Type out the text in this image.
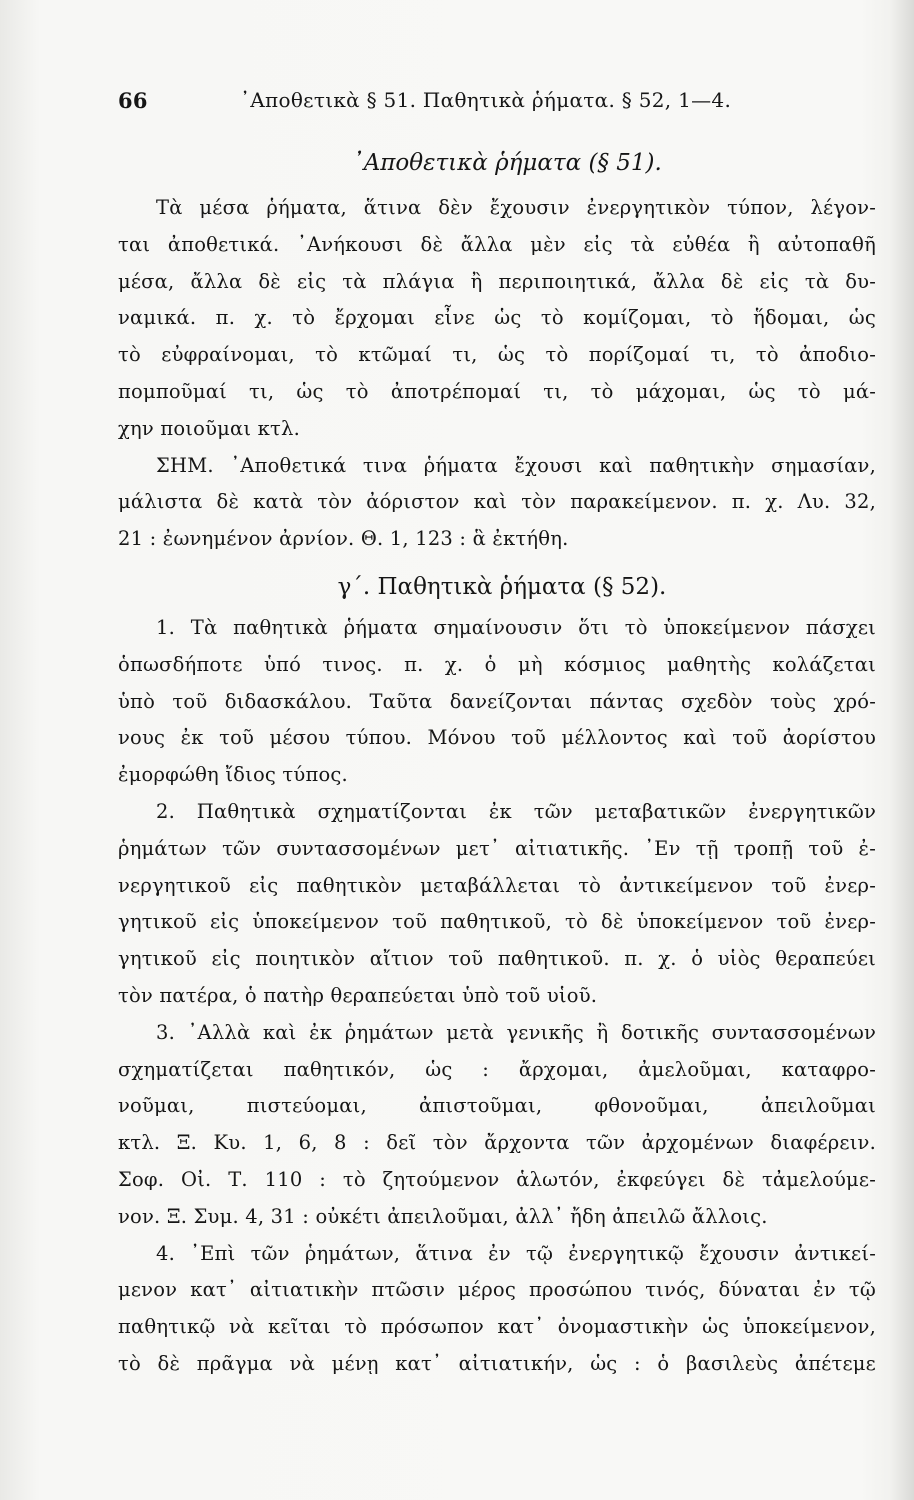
66	᾿Αποθετικὰ § 51. Παθητικὰ ῥήματα. § 52, 1—4.
᾿Αποθετικὰ ῥήματα (§ 51).
Τὰ μέσα ῥήματα, ἅτινα δὲν ἔχουσιν ἐνεργητικὸν τύπον, λέγον-
ται ἀποθετικά. ᾿Ανήκουσι δὲ ἄλλα μὲν εἰς τὰ εὐθέα ἢ αὐτοπαθῆ
μέσα, ἄλλα δὲ εἰς τὰ πλάγια ἢ περιποιητικά, ἄλλα δὲ εἰς τὰ δυ-
ναμικά. π. χ. τὸ ἔρχομαι εἶνε ὡς τὸ κομίζομαι, τὸ ἥδομαι, ὡς
τὸ εὐφραίνομαι, τὸ κτῶμαί τι, ὡς τὸ πορίζομαί τι, τὸ ἀποδιο-
πομποῦμαί τι, ὡς τὸ ἀποτρέπομαί τι, τὸ μάχομαι, ὡς τὸ μά-
χην ποιοῦμαι κτλ.
ΣΗΜ. ᾿Αποθετικά τινα ῥήματα ἔχουσι καὶ παθητικὴν σημασίαν,
μάλιστα δὲ κατὰ τὸν ἀόριστον καὶ τὸν παρακείμενον. π. χ. Λυ. 32,
21 : ἐωνημένον ἀρνίον. Θ. 1, 123 : ἃ ἐκτήθη.
γ΄. Παθητικὰ ῥήματα (§ 52).
1. Τὰ παθητικὰ ῥήματα σημαίνουσιν ὅτι τὸ ὑποκείμενον πάσχει
ὁπωσδήποτε ὑπό τινος. π. χ. ὁ μὴ κόσμιος μαθητὴς κολάζεται
ὑπὸ τοῦ διδασκάλου. Ταῦτα δανείζονται πάντας σχεδὸν τοὺς χρό-
νους ἐκ τοῦ μέσου τύπου. Μόνου τοῦ μέλλοντος καὶ τοῦ ἀορίστου
ἐμορφώθη ἴδιος τύπος.
2. Παθητικὰ σχηματίζονται ἐκ τῶν μεταβατικῶν ἐνεργητικῶν
ῥημάτων τῶν συντασσομένων μετ᾿ αἰτιατικῆς. ᾿Εν τῇ τροπῇ τοῦ ἐ-
νεργητικοῦ εἰς παθητικὸν μεταβάλλεται τὸ ἀντικείμενον τοῦ ἐνερ-
γητικοῦ εἰς ὑποκείμενον τοῦ παθητικοῦ, τὸ δὲ ὑποκείμενον τοῦ ἐνερ-
γητικοῦ εἰς ποιητικὸν αἴτιον τοῦ παθητικοῦ. π. χ. ὁ υἱὸς θεραπεύει
τὸν πατέρα, ὁ πατὴρ θεραπεύεται ὑπὸ τοῦ υἱοῦ.
3. ᾿Αλλὰ καὶ ἐκ ῥημάτων μετὰ γενικῆς ἢ δοτικῆς συντασσομένων
σχηματίζεται παθητικόν, ὡς : ἄρχομαι, ἀμελοῦμαι, καταφρο-
νοῦμαι, πιστεύομαι, ἀπιστοῦμαι, φθονοῦμαι, ἀπειλοῦμαι
κτλ. Ξ. Κυ. 1, 6, 8 : δεῖ τὸν ἄρχοντα τῶν ἀρχομένων διαφέρειν.
Σοφ. Οἰ. Τ. 110 : τὸ ζητούμενον ἁλωτόν, ἐκφεύγει δὲ τἀμελούμε-
νον. Ξ. Συμ. 4, 31 : οὐκέτι ἀπειλοῦμαι, ἀλλ᾿ ἤδη ἀπειλῶ ἄλλοις.
4. ᾿Επὶ τῶν ῥημάτων, ἅτινα ἐν τῷ ἐνεργητικῷ ἔχουσιν ἀντικεί-
μενον κατ᾿ αἰτιατικὴν πτῶσιν μέρος προσώπου τινός, δύναται ἐν τῷ
παθητικῷ νὰ κεῖται τὸ πρόσωπον κατ᾿ ὀνομαστικὴν ὡς ὑποκείμενον,
τὸ δὲ πρᾶγμα νὰ μένῃ κατ᾿ αἰτιατικήν, ὡς : ὁ βασιλεὺς ἀπέτεμε
